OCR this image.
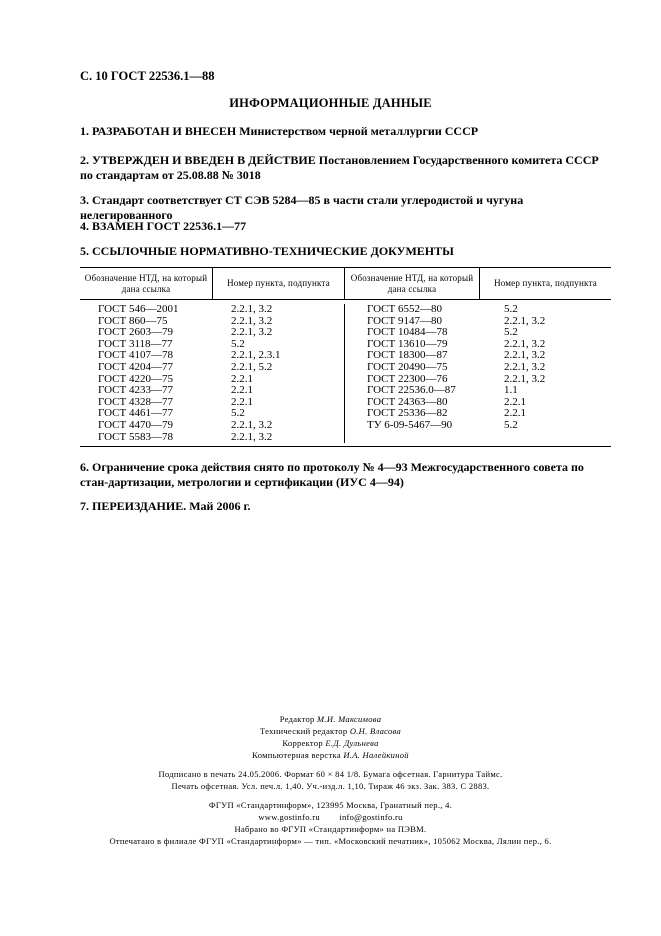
С. 10 ГОСТ 22536.1—88
ИНФОРМАЦИОННЫЕ ДАННЫЕ
1. РАЗРАБОТАН И ВНЕСЕН Министерством черной металлургии СССР
2. УТВЕРЖДЕН И ВВЕДЕН В ДЕЙСТВИЕ Постановлением Государственного комитета СССР по стандартам от 25.08.88 № 3018
3. Стандарт соответствует СТ СЭВ 5284—85 в части стали углеродистой и чугуна нелегированного
4. ВЗАМЕН ГОСТ 22536.1—77
5. ССЫЛОЧНЫЕ НОРМАТИВНО-ТЕХНИЧЕСКИЕ ДОКУМЕНТЫ
Обозначение НТД, на который дана ссылка
Номер пункта, подпункта
Обозначение НТД, на который дана ссылка
Номер пункта, подпункта
ГОСТ 546—2001
ГОСТ 860—75
ГОСТ 2603—79
ГОСТ 3118—77
ГОСТ 4107—78
ГОСТ 4204—77
ГОСТ 4220—75
ГОСТ 4233—77
ГОСТ 4328—77
ГОСТ 4461—77
ГОСТ 4470—79
ГОСТ 5583—78
2.2.1, 3.2
2.2.1, 3.2
2.2.1, 3.2
5.2
2.2.1, 2.3.1
2.2.1, 5.2
2.2.1
2.2.1
2.2.1
5.2
2.2.1, 3.2
2.2.1, 3.2
ГОСТ 6552—80
ГОСТ 9147—80
ГОСТ 10484—78
ГОСТ 13610—79
ГОСТ 18300—87
ГОСТ 20490—75
ГОСТ 22300—76
ГОСТ 22536.0—87
ГОСТ 24363—80
ГОСТ 25336—82
ТУ 6-09-5467—90
5.2
2.2.1, 3.2
5.2
2.2.1, 3.2
2.2.1, 3.2
2.2.1, 3.2
2.2.1, 3.2
1.1
2.2.1
2.2.1
5.2
6. Ограничение срока действия снято по протоколу № 4—93 Межгосударственного совета по стан-дартизации, метрологии и сертификации (ИУС 4—94)
7. ПЕРЕИЗДАНИЕ. Май 2006 г.
Редактор М.И. Максимова
Технический редактор О.Н. Власова
Корректор Е.Д. Дульнева
Компьютерная верстка И.А. Налейкиной
Подписано в печать 24.05.2006. Формат 60 × 84 1/8. Бумага офсетная. Гарнитура Таймс.
Печать офсетная. Усл. печ.л. 1,40. Уч.-изд.л. 1,10. Тираж 46 экз. Зак. 383. С 2883.
ФГУП «Стандартинформ», 123995 Москва, Гранатный пер., 4.
www.gostinfo.ru        info@gostinfo.ru
Набрано во ФГУП «Стандартинформ» на ПЭВМ.
Отпечатано в филиале ФГУП «Стандартинформ» — тип. «Московский печатник», 105062 Москва, Лялин пер., 6.
